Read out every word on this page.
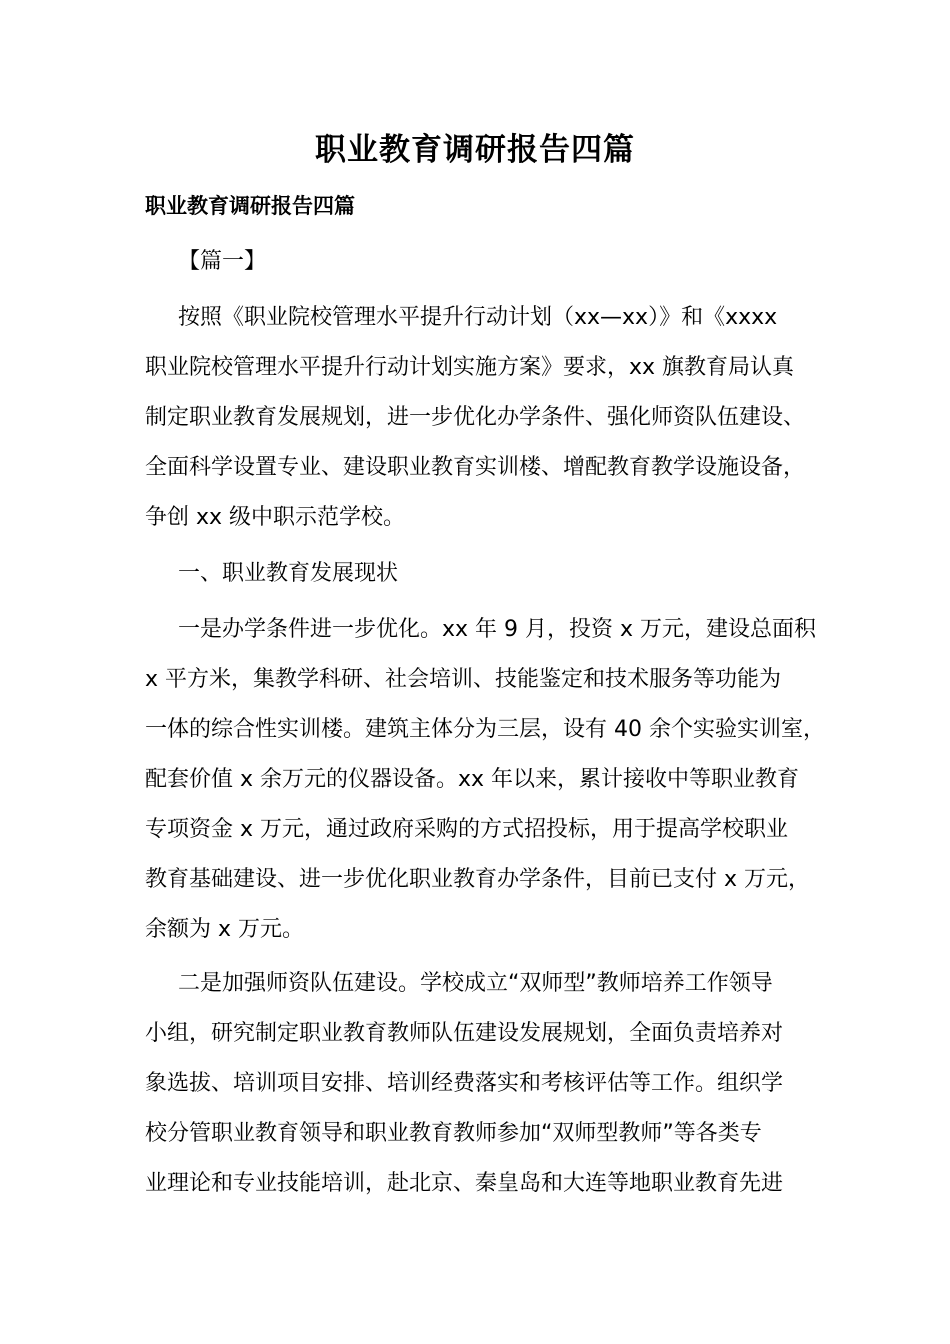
职业教育调研报告四篇
职业教育调研报告四篇

【篇一】

按照《职业院校管理水平提升行动计划（xx—xx）》和《xxxx

职业院校管理水平提升行动计划实施方案》要求，xx 旗教育局认真

制定职业教育发展规划，进一步优化办学条件、强化师资队伍建设、

全面科学设置专业、建设职业教育实训楼、增配教育教学设施设备，

争创 xx 级中职示范学校。

一、职业教育发展现状

一是办学条件进一步优化。xx 年 9 月，投资 x 万元，建设总面积

x 平方米，集教学科研、社会培训、技能鉴定和技术服务等功能为

一体的综合性实训楼。建筑主体分为三层，设有 40 余个实验实训室，

配套价值 x 余万元的仪器设备。xx 年以来，累计接收中等职业教育

专项资金 x 万元，通过政府采购的方式招投标，用于提高学校职业

教育基础建设、进一步优化职业教育办学条件，目前已支付 x 万元，

余额为 x 万元。

二是加强师资队伍建设。学校成立“双师型”教师培养工作领导

小组，研究制定职业教育教师队伍建设发展规划，全面负责培养对

象选拔、培训项目安排、培训经费落实和考核评估等工作。组织学

校分管职业教育领导和职业教育教师参加“双师型教师”等各类专

业理论和专业技能培训，赴北京、秦皇岛和大连等地职业教育先进
